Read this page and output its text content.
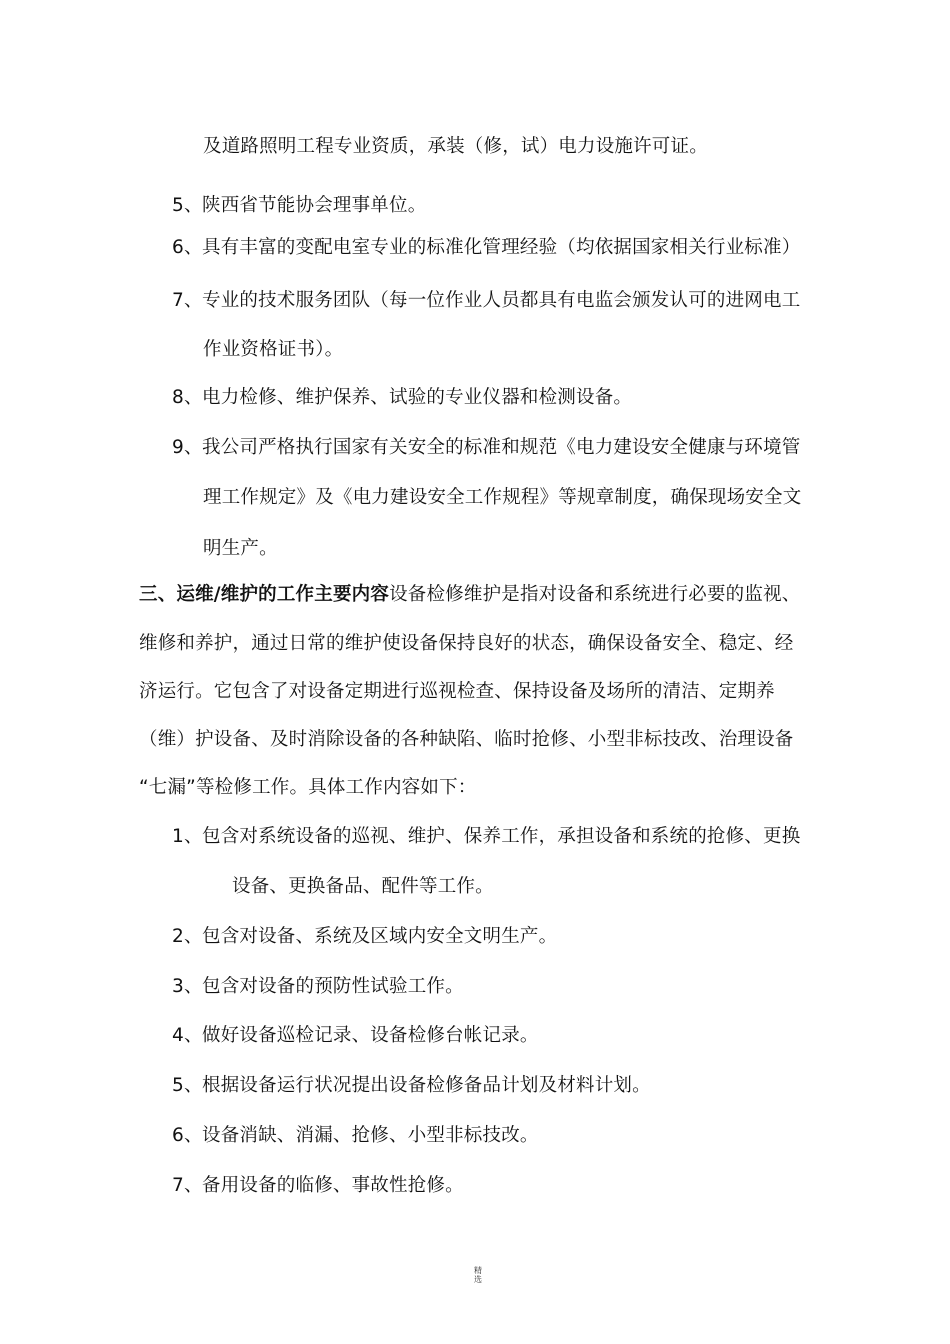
及道路照明工程专业资质，承装（修，试）电力设施许可证。
5、陕西省节能协会理事单位。
6、具有丰富的变配电室专业的标准化管理经验（均依据国家相关行业标准）
7、专业的技术服务团队（每一位作业人员都具有电监会颁发认可的进网电工
作业资格证书）。
8、电力检修、维护保养、试验的专业仪器和检测设备。
9、我公司严格执行国家有关安全的标准和规范《电力建设安全健康与环境管
理工作规定》及《电力建设安全工作规程》等规章制度，确保现场安全文
明生产。
三、运维/维护的工作主要内容设备检修维护是指对设备和系统进行必要的监视、
维修和养护，通过日常的维护使设备保持良好的状态，确保设备安全、稳定、经
济运行。它包含了对设备定期进行巡视检查、保持设备及场所的清洁、定期养
（维）护设备、及时消除设备的各种缺陷、临时抢修、小型非标技改、治理设备
“七漏”等检修工作。具体工作内容如下：
1、包含对系统设备的巡视、维护、保养工作，承担设备和系统的抢修、更换
设备、更换备品、配件等工作。
2、包含对设备、系统及区域内安全文明生产。
3、包含对设备的预防性试验工作。
4、做好设备巡检记录、设备检修台帐记录。
5、根据设备运行状况提出设备检修备品计划及材料计划。
6、设备消缺、消漏、抢修、小型非标技改。
7、备用设备的临修、事故性抢修。
精
选
